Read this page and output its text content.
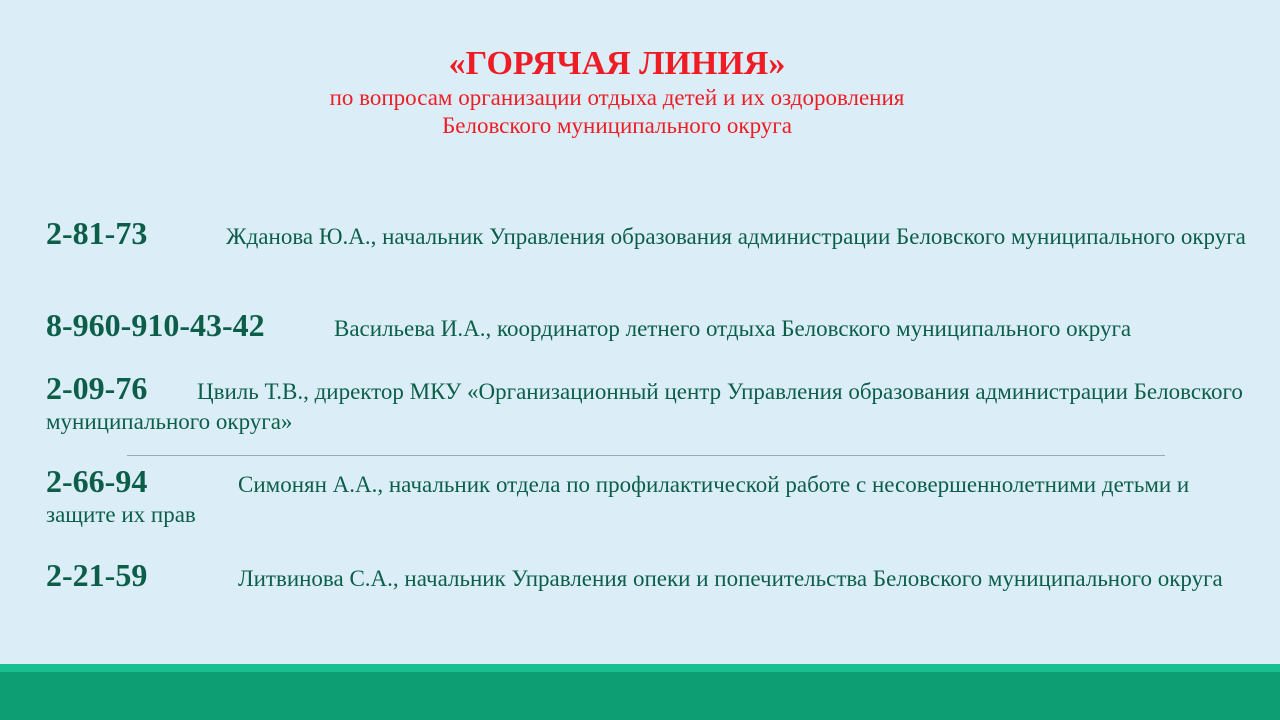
«ГОРЯЧАЯ ЛИНИЯ»
по вопросам организации отдыха детей и их оздоровления
Беловского муниципального округа
2-81-73	Жданова Ю.А., начальник Управления образования администрации Беловского муниципального округа
8-960-910-43-42	Васильева И.А., координатор летнего отдыха Беловского муниципального округа
2-09-76 Цвиль Т.В., директор МКУ «Организационный центр Управления образования администрации Беловского муниципального округа»
2-66-94	Симонян А.А., начальник отдела по профилактической работе с несовершеннолетними детьми и защите их прав
2-21-59	Литвинова С.А., начальник Управления опеки и попечительства Беловского муниципального округа
